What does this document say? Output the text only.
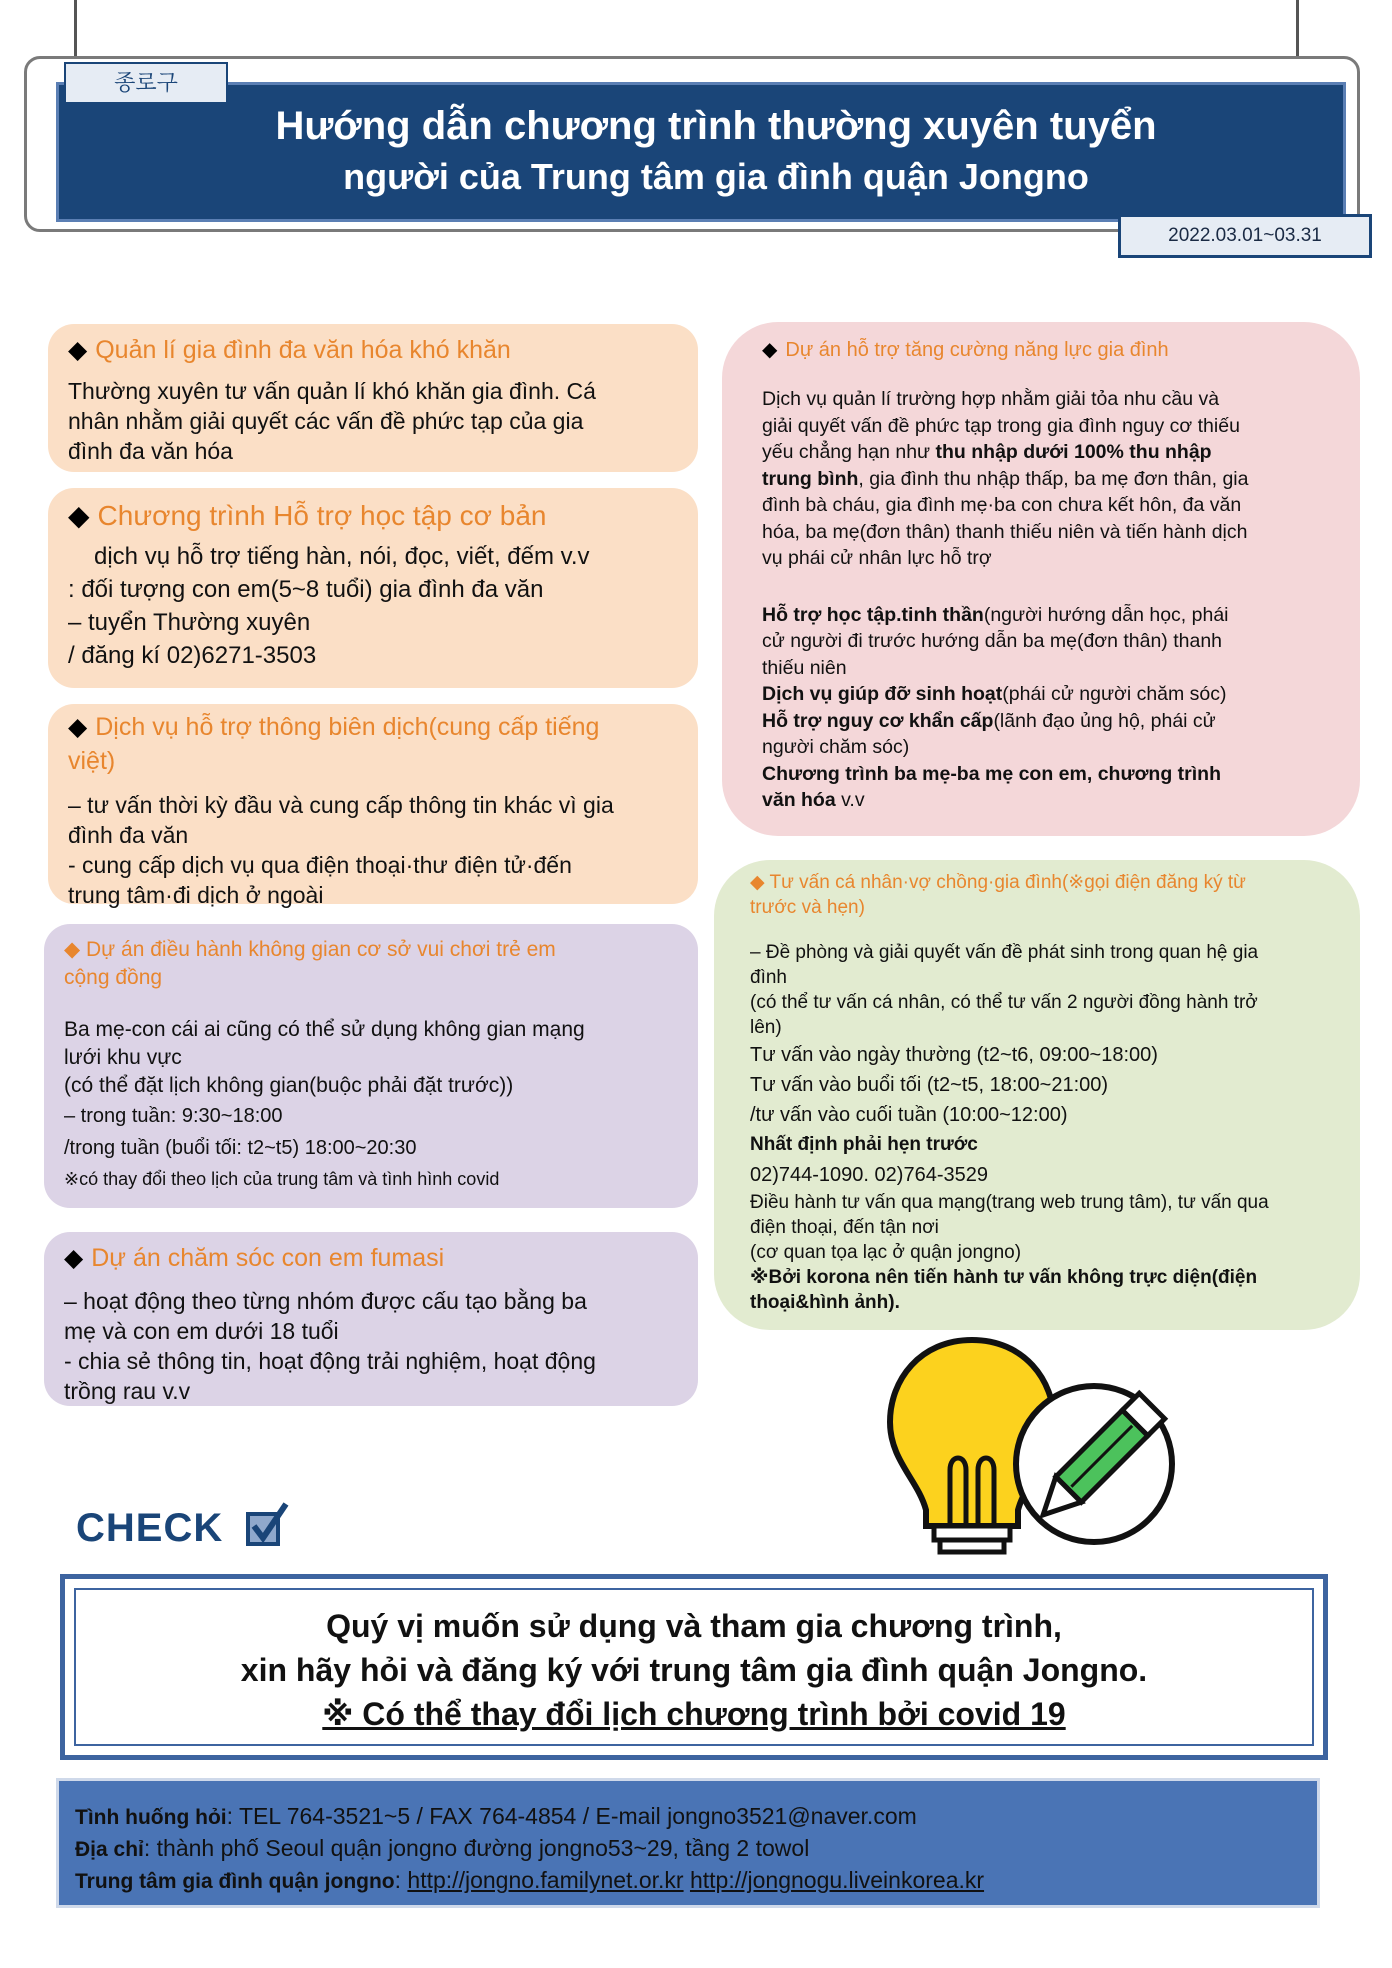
Hướng dẫn chương trình thường xuyên tuyển
người của Trung tâm gia đình quận Jongno
종로구
2022.03.01~03.31
◆ Quản lí gia đình đa văn hóa khó khăn
Thường xuyên tư vấn quản lí khó khăn gia đình. Cá
nhân nhằm giải quyết các vấn đề phức tạp của gia
đình đa văn hóa
◆ Chương trình Hỗ trợ học tập cơ bản
dịch vụ hỗ trợ tiếng hàn, nói, đọc, viết, đếm v.v
: đối tượng con em(5~8 tuổi) gia đình đa văn
– tuyển Thường xuyên
/ đăng kí 02)6271-3503
◆ Dịch vụ hỗ trợ thông biên dịch(cung cấp tiếng
việt)
– tư vấn thời kỳ đầu và cung cấp thông tin khác vì gia
đình đa văn
- cung cấp dịch vụ qua điện thoại·thư điện tử·đến
trung tâm·đi dịch ở ngoài
◆ Dự án điều hành không gian cơ sở vui chơi trẻ em
cộng đồng
Ba mẹ-con cái ai cũng có thể sử dụng không gian mạng
lưới khu vực
(có thể đặt lịch không gian(buộc phải đặt trước))
– trong tuần: 9:30~18:00
/trong tuần (buổi tối: t2~t5) 18:00~20:30
※có thay đổi theo lịch của trung tâm và tình hình covid
◆ Dự án chăm sóc con em fumasi
– hoạt động theo từng nhóm được cấu tạo bằng ba
mẹ và con em dưới 18 tuổi
- chia sẻ thông tin, hoạt động trải nghiệm, hoạt động
trồng rau v.v
◆ Dự án hỗ trợ tăng cường năng lực gia đình
Dịch vụ quản lí trường hợp nhằm giải tỏa nhu cầu và
giải quyết vấn đề phức tạp trong gia đình nguy cơ thiếu
yếu chẳng hạn như thu nhập dưới 100% thu nhập
trung bình, gia đình thu nhập thấp, ba mẹ đơn thân, gia
đình bà cháu, gia đình mẹ·ba con chưa kết hôn, đa văn
hóa, ba mẹ(đơn thân) thanh thiếu niên và tiến hành dịch
vụ phái cử nhân lực hỗ trợ
Hỗ trợ học tập.tinh thần(người hướng dẫn học, phái
cử người đi trước hướng dẫn ba mẹ(đơn thân) thanh
thiếu niên
Dịch vụ giúp đỡ sinh hoạt(phái cử người chăm sóc)
Hỗ trợ nguy cơ khẩn cấp(lãnh đạo ủng hộ, phái cử
người chăm sóc)
Chương trình ba mẹ-ba mẹ con em, chương trình
văn hóa v.v
◆ Tư vấn cá nhân·vợ chồng·gia đình(※gọi điện đăng ký từ
trước và hẹn)
– Đề phòng và giải quyết vấn đề phát sinh trong quan hệ gia
đình
(có thể tư vấn cá nhân, có thể tư vấn 2 người đồng hành trở
lên)
Tư vấn vào ngày thường (t2~t6, 09:00~18:00)
Tư vấn vào buổi tối (t2~t5, 18:00~21:00)
/tư vấn vào cuối tuần (10:00~12:00)
Nhất định phải hẹn trước
02)744-1090. 02)764-3529
Điều hành tư vấn qua mạng(trang web trung tâm), tư vấn qua
điện thoại, đến tận nơi
(cơ quan tọa lạc ở quận jongno)
※Bởi korona nên tiến hành tư vấn không trực diện(điện
thoại&hình ảnh).
CHECK
Quý vị muốn sử dụng và tham gia chương trình,
xin hãy hỏi và đăng ký với trung tâm gia đình quận Jongno.
※ Có thể thay đổi lịch chương trình bởi covid 19
Tình huống hỏi: TEL 764-3521~5 / FAX 764-4854 / E-mail jongno3521@naver.com
Địa chỉ: thành phố Seoul quận jongno đường jongno53~29, tầng 2 towol
Trung tâm gia đình quận jongno: http://jongno.familynet.or.kr http://jongnogu.liveinkorea.kr
